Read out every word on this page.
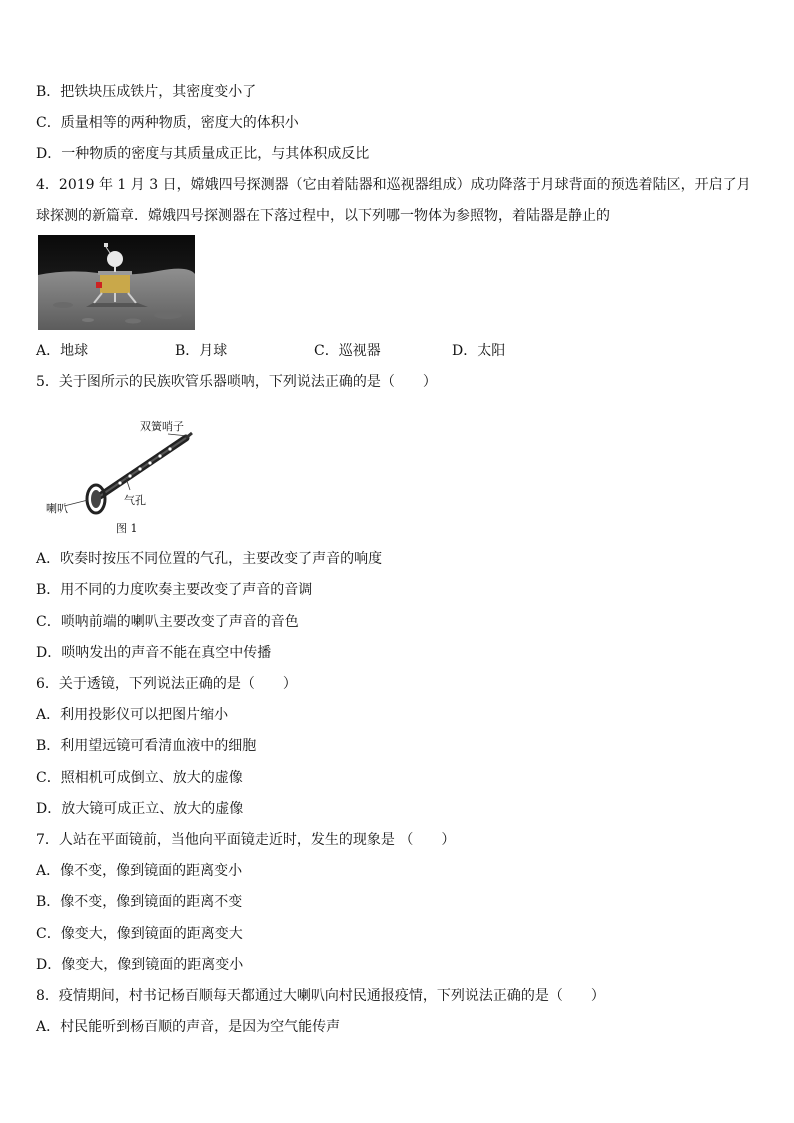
B．把铁块压成铁片，其密度变小了
C．质量相等的两种物质，密度大的体积小
D．一种物质的密度与其质量成正比，与其体积成反比
4．2019 年 1 月 3 日，嫦娥四号探测器（它由着陆器和巡视器组成）成功降落于月球背面的预选着陆区，开启了月球探测的新篇章．嫦娥四号探测器在下落过程中，以下列哪一物体为参照物，着陆器是静止的
A．地球	B．月球	C．巡视器	D．太阳
5．关于图所示的民族吹管乐器唢呐，下列说法正确的是（　　）
双簧哨子
气孔
喇叭
图 1
A．吹奏时按压不同位置的气孔，主要改变了声音的响度
B．用不同的力度吹奏主要改变了声音的音调
C．唢呐前端的喇叭主要改变了声音的音色
D．唢呐发出的声音不能在真空中传播
6．关于透镜，下列说法正确的是（　　）
A．利用投影仪可以把图片缩小
B．利用望远镜可看清血液中的细胞
C．照相机可成倒立、放大的虚像
D．放大镜可成正立、放大的虚像
7．人站在平面镜前，当他向平面镜走近时，发生的现象是 （　　）
A．像不变，像到镜面的距离变小
B．像不变，像到镜面的距离不变
C．像变大，像到镜面的距离变大
D．像变大，像到镜面的距离变小
8．疫情期间，村书记杨百顺每天都通过大喇叭向村民通报疫情，下列说法正确的是（　　）
A．村民能听到杨百顺的声音，是因为空气能传声
